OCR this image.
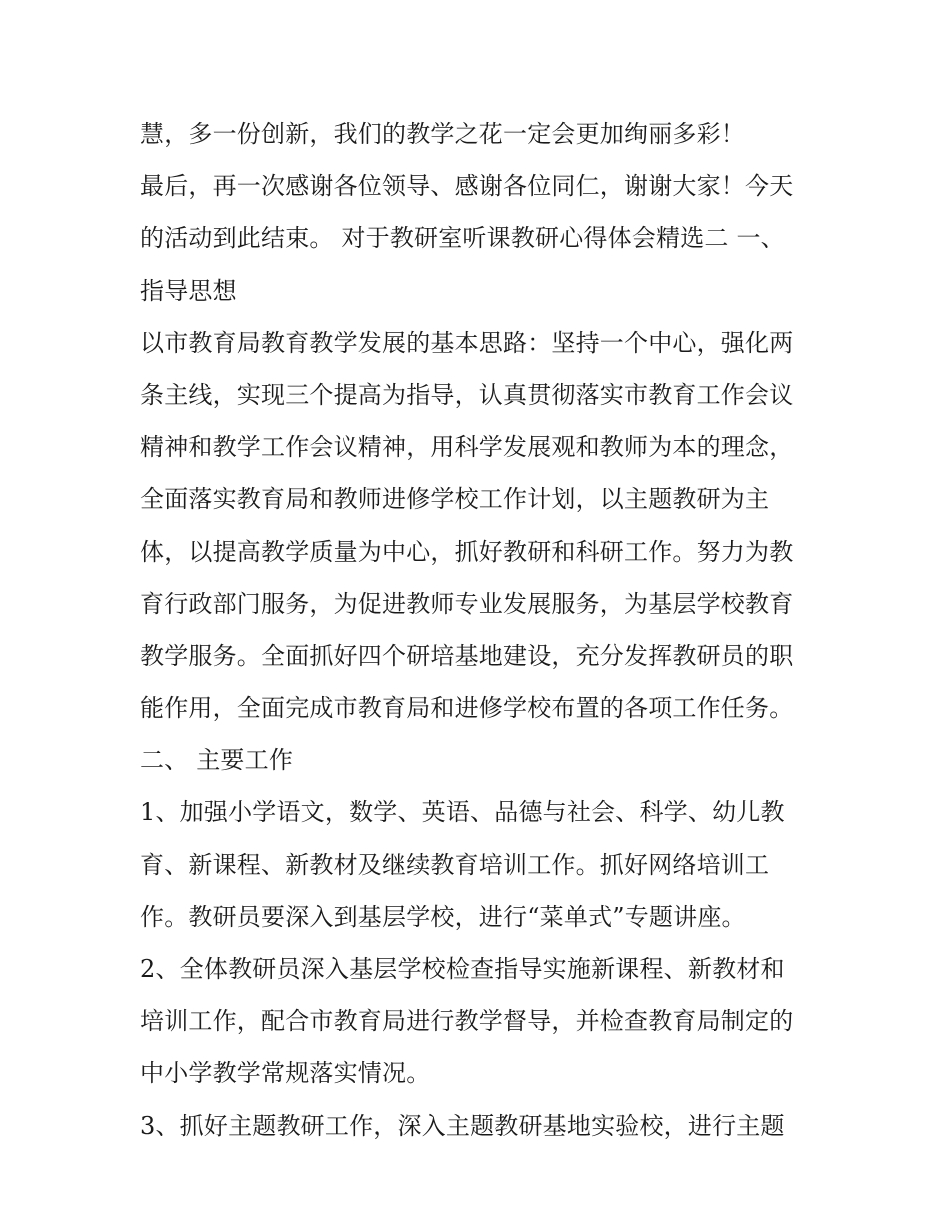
慧，多一份创新，我们的教学之花一定会更加绚丽多彩！
最后，再一次感谢各位领导、感谢各位同仁，谢谢大家！今天
的活动到此结束。 对于教研室听课教研心得体会精选二 一、
指导思想
以市教育局教育教学发展的基本思路：坚持一个中心，强化两
条主线，实现三个提高为指导，认真贯彻落实市教育工作会议
精神和教学工作会议精神，用科学发展观和教师为本的理念，
全面落实教育局和教师进修学校工作计划，以主题教研为主
体，以提高教学质量为中心，抓好教研和科研工作。努力为教
育行政部门服务，为促进教师专业发展服务，为基层学校教育
教学服务。全面抓好四个研培基地建设，充分发挥教研员的职
能作用，全面完成市教育局和进修学校布置的各项工作任务。
二、 主要工作
1、加强小学语文，数学、英语、品德与社会、科学、幼儿教
育、新课程、新教材及继续教育培训工作。抓好网络培训工
作。教研员要深入到基层学校，进行“菜单式”专题讲座。
2、全体教研员深入基层学校检查指导实施新课程、新教材和
培训工作，配合市教育局进行教学督导，并检查教育局制定的
中小学教学常规落实情况。
3、抓好主题教研工作，深入主题教研基地实验校，进行主题
